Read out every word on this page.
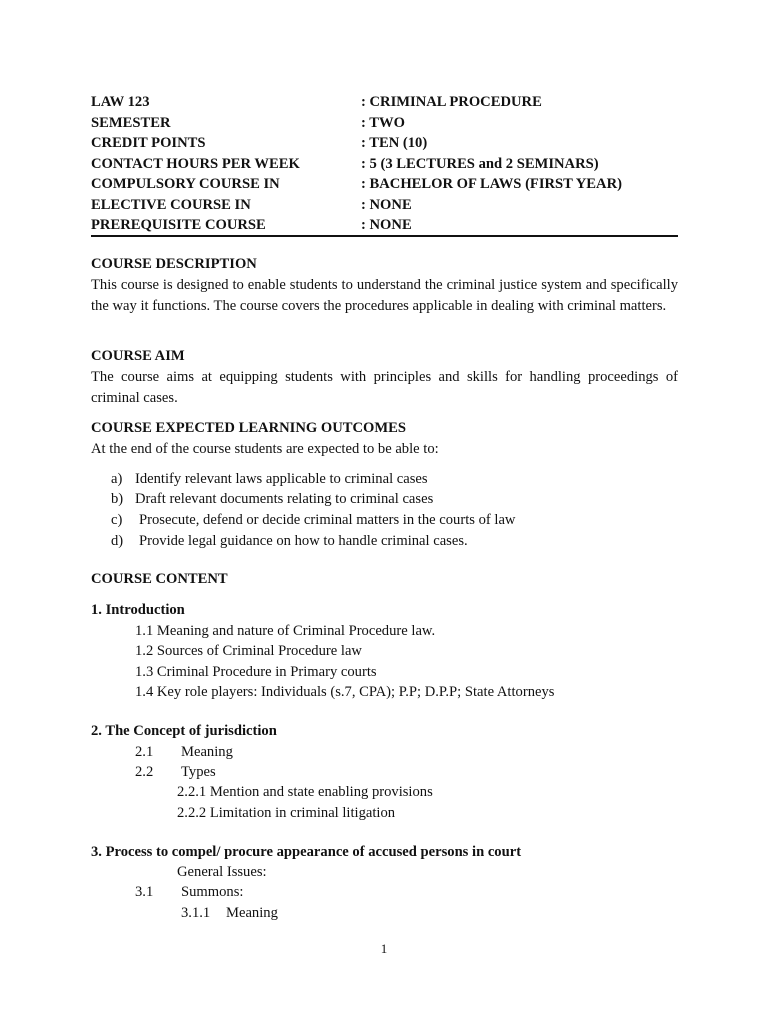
LAW 123	: CRIMINAL PROCEDURE
SEMESTER	: TWO
CREDIT POINTS	: TEN (10)
CONTACT HOURS PER WEEK	: 5 (3 LECTURES and 2 SEMINARS)
COMPULSORY COURSE IN	: BACHELOR OF LAWS (FIRST YEAR)
ELECTIVE COURSE IN	: NONE
PREREQUISITE COURSE	: NONE
COURSE DESCRIPTION
This course is designed to enable students to understand the criminal justice system and specifically the way it functions. The course covers the procedures applicable in dealing with criminal matters.
COURSE AIM
The course aims at equipping students with principles and skills for handling proceedings of criminal cases.
COURSE EXPECTED LEARNING OUTCOMES
At the end of the course students are expected to be able to:
a) Identify relevant laws applicable to criminal cases
b) Draft relevant documents relating to criminal cases
c) Prosecute, defend or decide criminal matters in the courts of law
d) Provide legal guidance on how to handle criminal cases.
COURSE CONTENT
1. Introduction
1.1 Meaning and nature of Criminal Procedure law.
1.2 Sources of Criminal Procedure law
1.3 Criminal Procedure in Primary courts
1.4 Key role players: Individuals (s.7, CPA); P.P; D.P.P; State Attorneys
2. The Concept of jurisdiction
2.1 Meaning
2.2 Types
2.2.1 Mention and state enabling provisions
2.2.2 Limitation in criminal litigation
3. Process to compel/ procure appearance of accused persons in court
General Issues:
3.1 Summons:
3.1.1 Meaning
1
